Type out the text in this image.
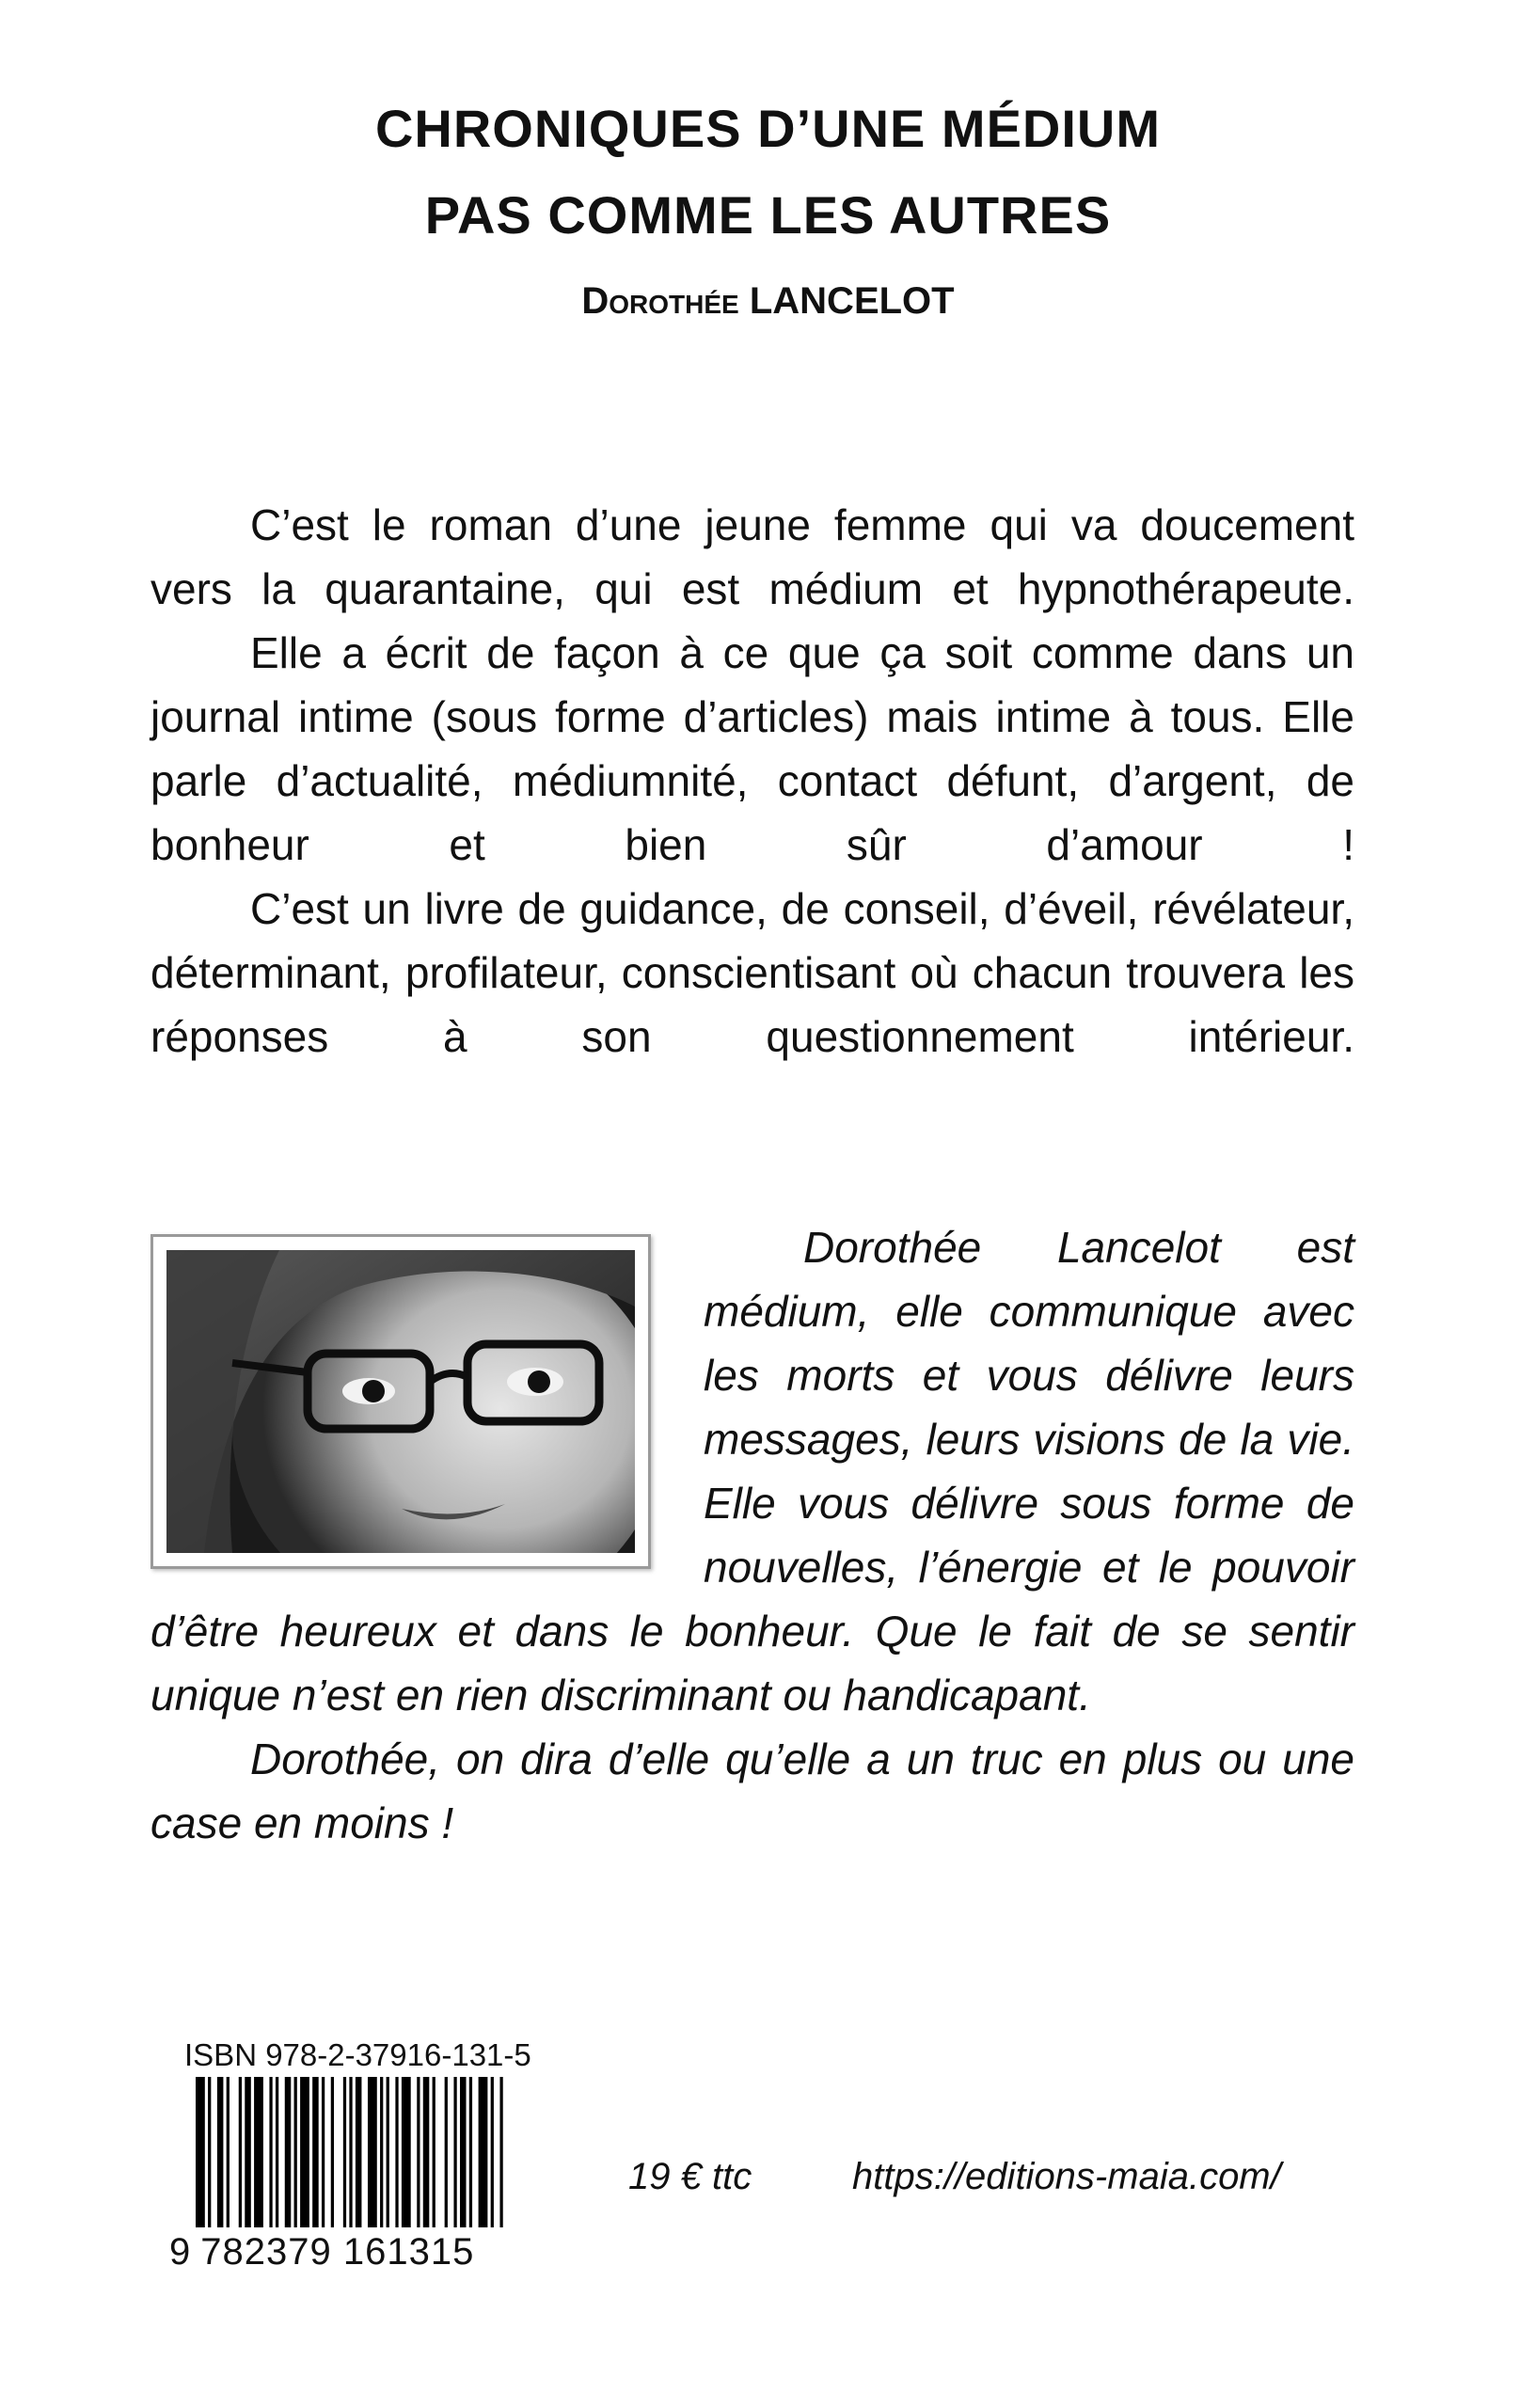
CHRONIQUES D’UNE MÉDIUM
PAS COMME LES AUTRES
Dorothée LANCELOT

C’est le roman d’une jeune femme qui va doucement vers la quarantaine, qui est médium et hypnothérapeute.

Elle a écrit de façon à ce que ça soit comme dans un journal intime (sous forme d’articles) mais intime à tous. Elle parle d’actualité, médiumnité, contact défunt, d’argent, de bonheur et bien sûr d’amour !

C’est un livre de guidance, de conseil, d’éveil, révélateur, déterminant, profilateur, conscientisant où chacun trouvera les réponses à son questionnement intérieur.

Dorothée Lancelot est médium, elle communique avec les morts et vous délivre leurs messages, leurs visions de la vie. Elle vous délivre sous forme de nouvelles, l’énergie et le pouvoir d’être heureux et dans le bonheur. Que le fait de se sentir unique n’est en rien discriminant ou handicapant.

Dorothée, on dira d’elle qu’elle a un truc en plus ou une case en moins !

ISBN 978-2-37916-131-5
9 782379 161315
19 € ttc	https://editions-maia.com/
